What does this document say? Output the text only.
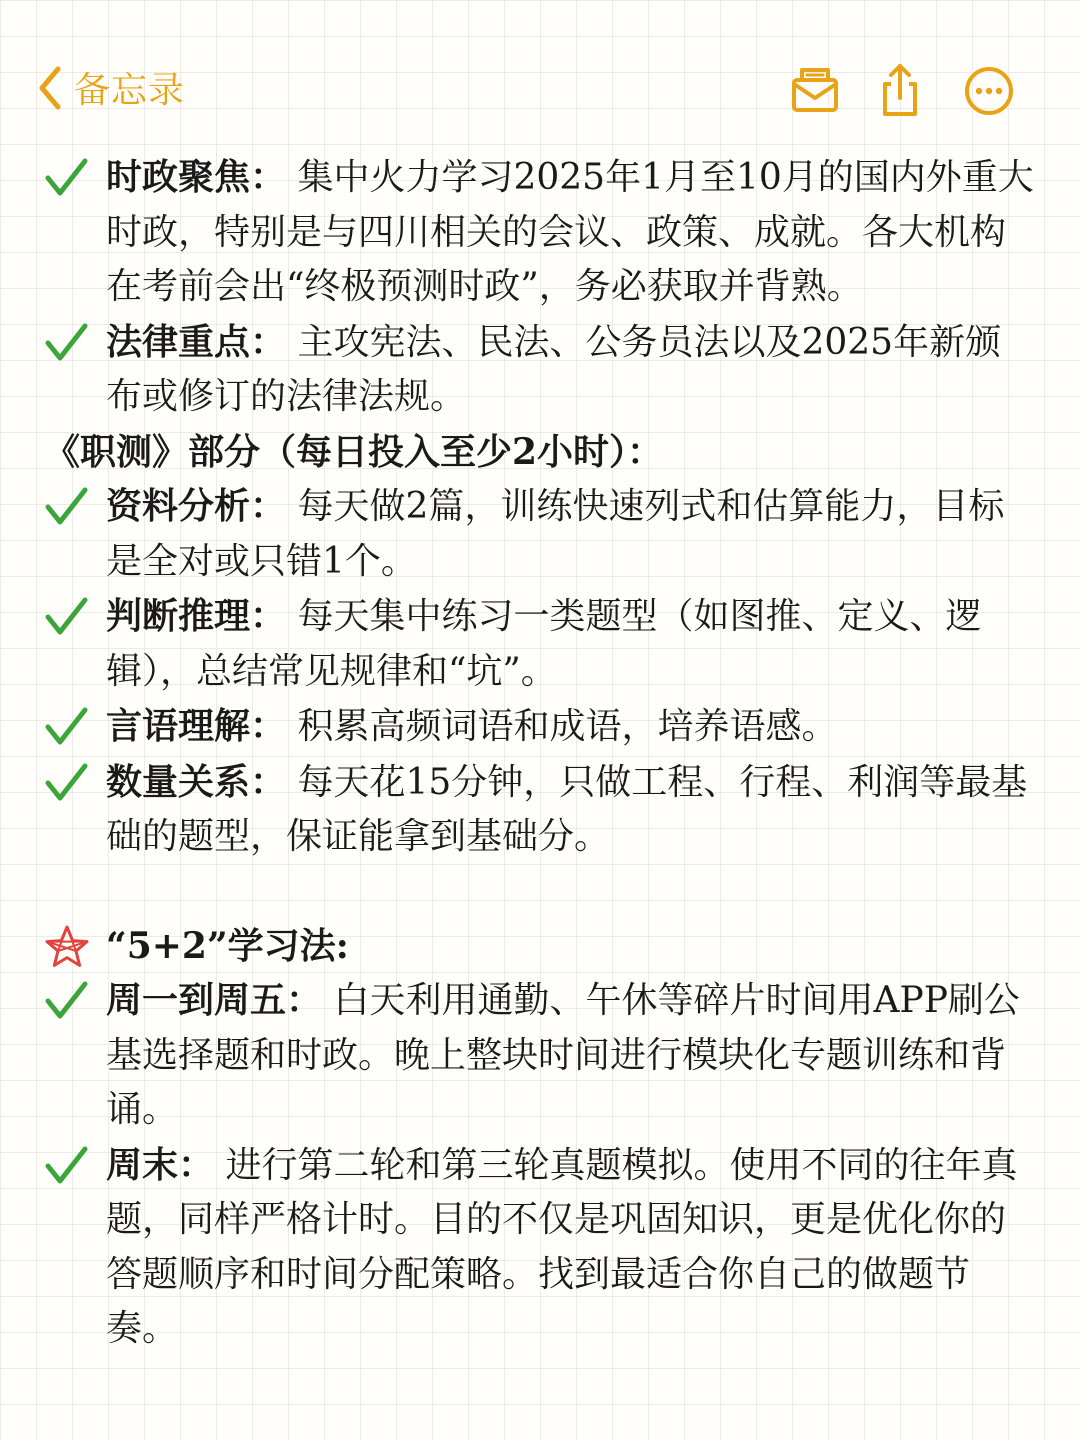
备忘录
时政聚焦： 集中火力学习2025年1月至10月的国内外重大时政，特别是与四川相关的会议、政策、成就。各大机构在考前会出“终极预测时政”，务必获取并背熟。
法律重点： 主攻宪法、民法、公务员法以及2025年新颁布或修订的法律法规。
《职测》部分（每日投入至少2小时）：
资料分析： 每天做2篇，训练快速列式和估算能力，目标是全对或只错1个。
判断推理： 每天集中练习一类题型（如图推、定义、逻辑），总结常见规律和“坑”。
言语理解： 积累高频词语和成语，培养语感。
数量关系： 每天花15分钟，只做工程、行程、利润等最基础的题型，保证能拿到基础分。
“5+2”学习法:
周一到周五： 白天利用通勤、午休等碎片时间用APP刷公基选择题和时政。晚上整块时间进行模块化专题训练和背诵。
周末： 进行第二轮和第三轮真题模拟。使用不同的往年真题，同样严格计时。目的不仅是巩固知识，更是优化你的答题顺序和时间分配策略。找到最适合你自己的做题节奏。
